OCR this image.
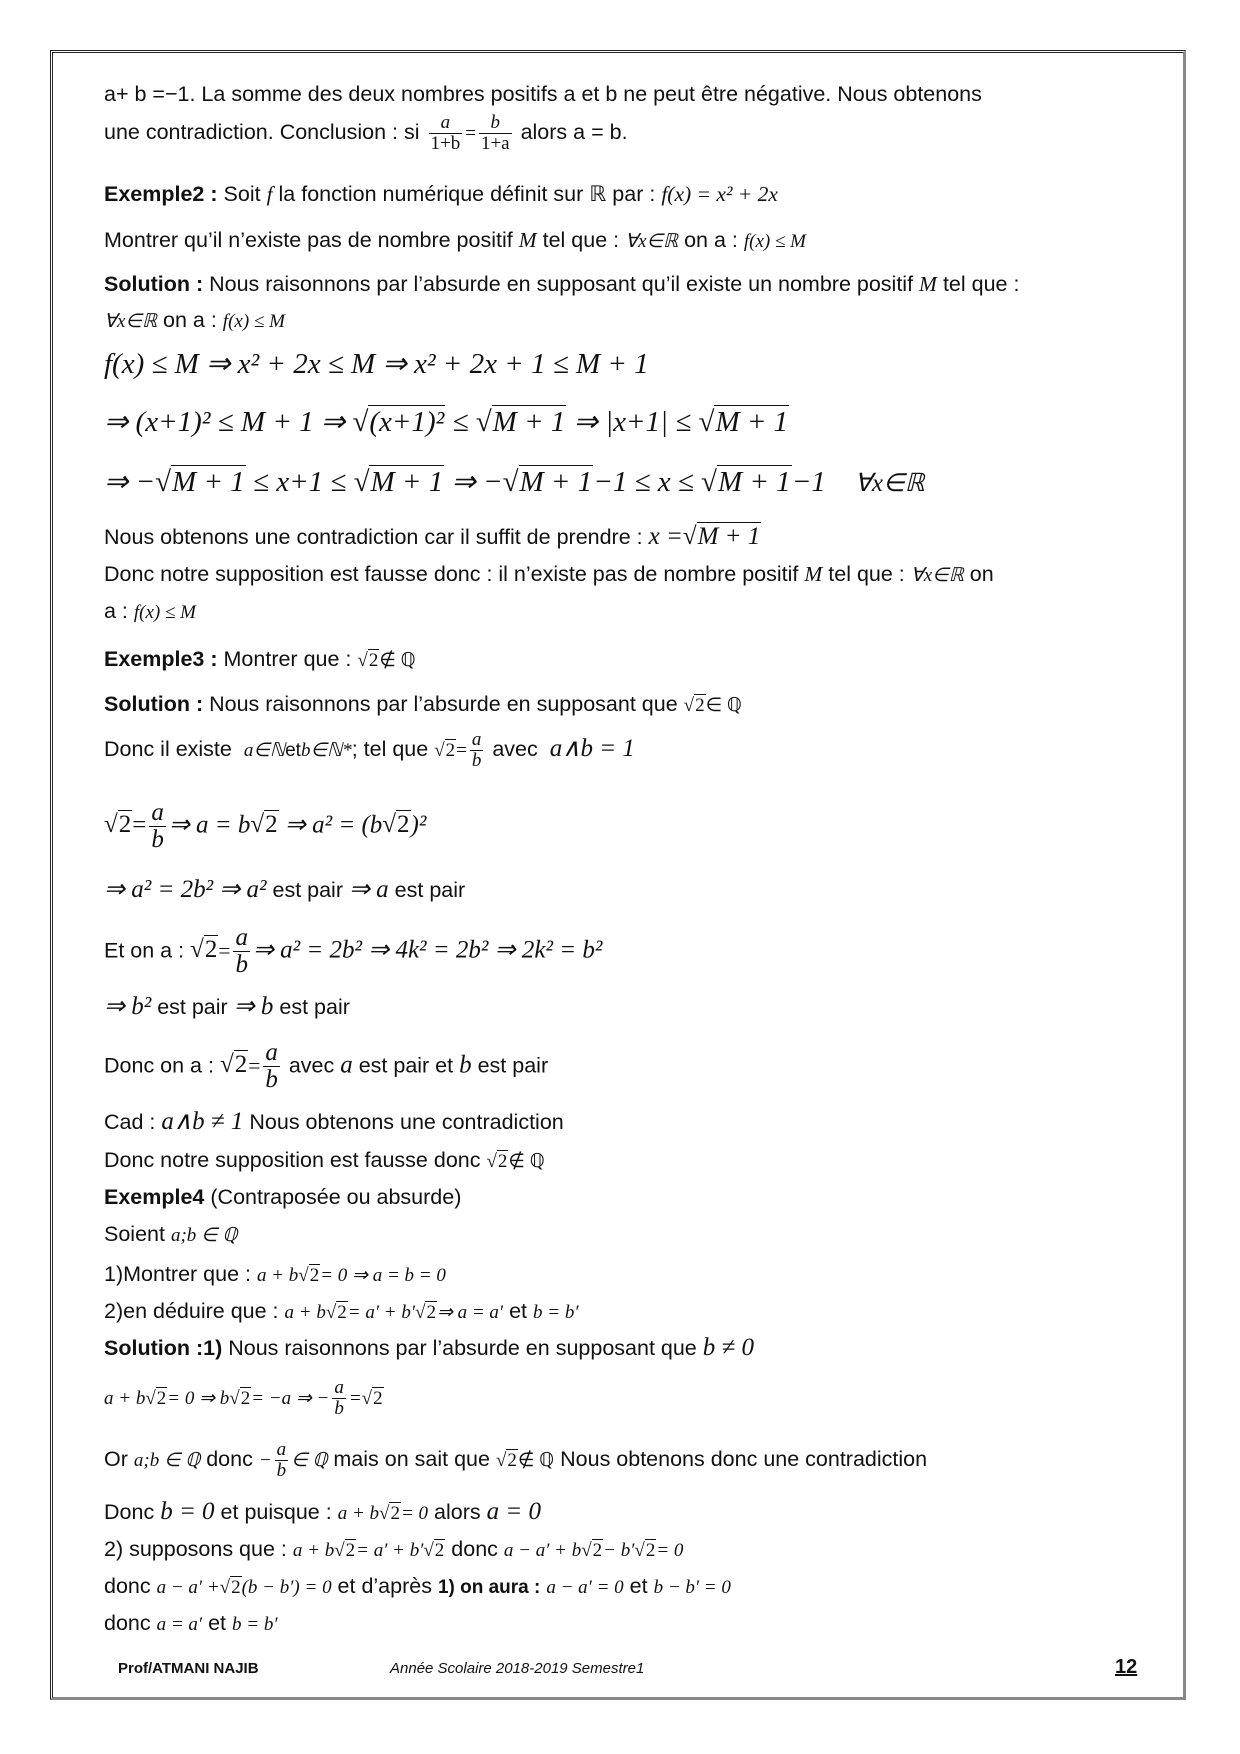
a+ b =−1. La somme des deux nombres positifs a et b ne peut être négative. Nous obtenons
une contradiction. Conclusion : si $\frac{a}{1+b} = \frac{b}{1+a}$ alors a = b.
Exemple2 : Soit f la fonction numérique définit sur ℝ par : f(x) = x² + 2x
Montrer qu’il n’existe pas de nombre positif M tel que : ∀x∈ℝ on a : f(x) ≤ M
Solution : Nous raisonnons par l’absurde en supposant qu’il existe un nombre positif M tel que :
∀x∈ℝ on a : f(x) ≤ M
f(x) ≤ M ⇒ x² + 2x ≤ M ⇒ x² + 2x + 1 ≤ M + 1
⇒ (x+1)² ≤ M + 1 ⇒ √(x+1)² ≤ √M + 1 ⇒ |x+1| ≤ √M + 1
⇒ −√M + 1 ≤ x+1 ≤ √M + 1 ⇒ −√M + 1−1 ≤ x ≤ √M + 1−1 ∀x∈ℝ
Nous obtenons une contradiction car il suffit de prendre : x =√M + 1
Donc notre supposition est fausse donc : il n’existe pas de nombre positif M tel que : ∀x∈ℝ on
a : f(x) ≤ M
Exemple3 : Montrer que : √2∉ ℚ
Solution : Nous raisonnons par l’absurde en supposant que √2∈ ℚ
Donc il existe a∈ℕetb∈ℕ*; tel que $√2= \frac{a}{b}$ avec a∧b = 1
$√2= \frac{a}{b}$ ⇒ a = b√2 ⇒ a² = (b√2)²
⇒ a² = 2b² ⇒ a² est pair ⇒ a est pair
Et on a : $√2= \frac{a}{b}$ ⇒ a² = 2b² ⇒ 4k² = 2b² ⇒ 2k² = b²
⇒ b² est pair ⇒ b est pair
Donc on a : $√2= \frac{a}{b}$ avec a est pair et b est pair
Cad : a∧b ≠ 1 Nous obtenons une contradiction
Donc notre supposition est fausse donc √2∉ ℚ
Exemple4 (Contraposée ou absurde)
Soient a;b ∈ ℚ
1)Montrer que : a + b√2= 0 ⇒ a = b = 0
2)en déduire que : a + b√2= a′ + b′√2⇒ a = a′ et b = b′
Solution :1) Nous raisonnons par l’absurde en supposant que b ≠ 0
a + b√2= 0 ⇒ b√2= −a ⇒ − $\frac{a}{b} =√2$
Or a;b ∈ ℚ donc − $\frac{a}{b}$ ∈ ℚ mais on sait que √2∉ ℚ Nous obtenons donc une contradiction
Donc b = 0 et puisque : a + b√2= 0 alors a = 0
2) supposons que : a + b√2= a′ + b′√2 donc a − a′ + b√2− b′√2= 0
donc a − a′ +√2(b − b′) = 0 et d’après 1) on aura : a − a′ = 0 et b − b′ = 0
donc a = a′ et b = b′
Prof/ATMANI NAJIB	Année Scolaire 2018-2019 Semestre1	12
